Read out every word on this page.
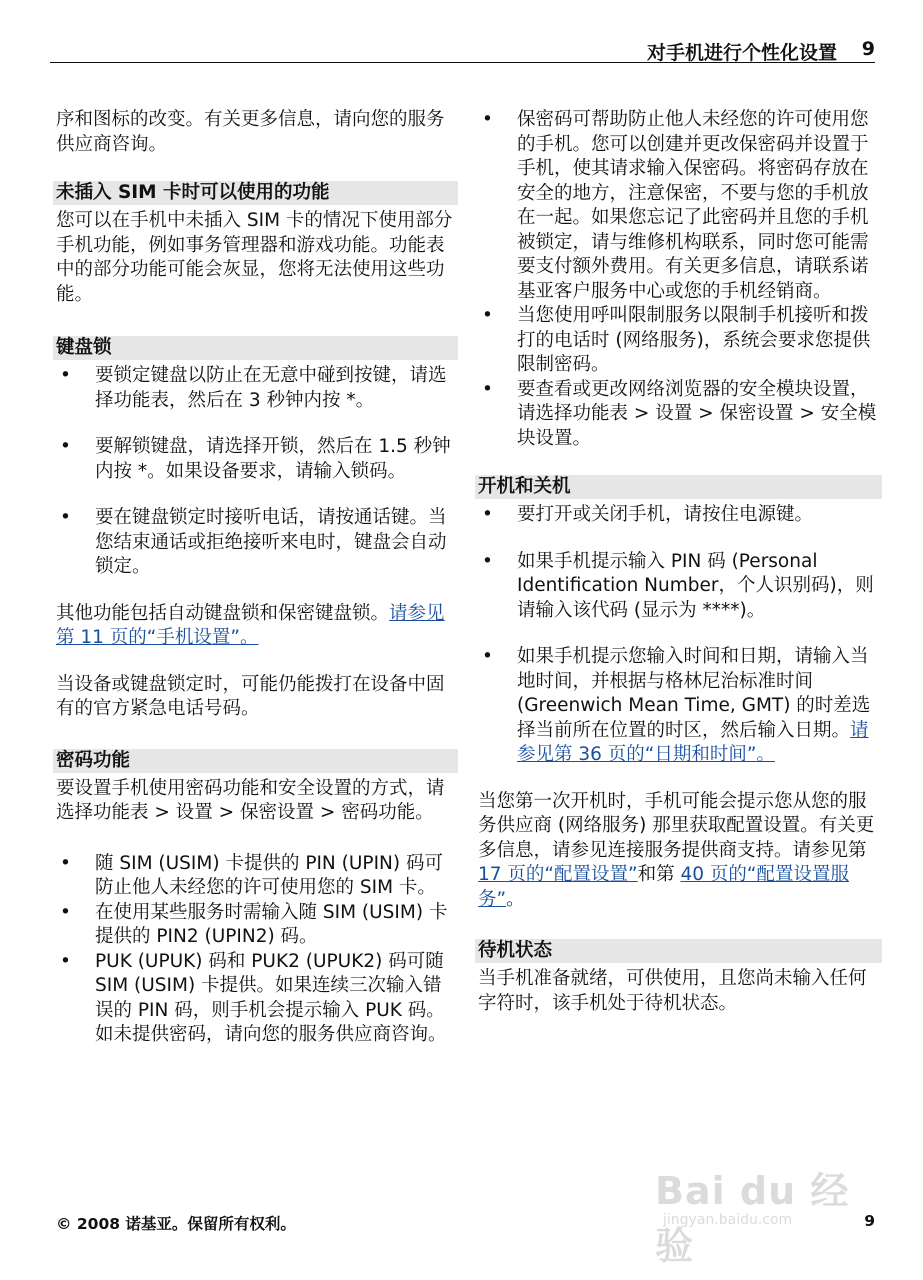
对手机进行个性化设置 9

序和图标的改变。有关更多信息，请向您的服务供应商咨询。

未插入 SIM 卡时可以使用的功能

您可以在手机中未插入 SIM 卡的情况下使用部分手机功能，例如事务管理器和游戏功能。功能表中的部分功能可能会灰显，您将无法使用这些功能。

键盘锁
• 要锁定键盘以防止在无意中碰到按键，请选择功能表，然后在 3 秒钟内按 *。
• 要解锁键盘，请选择开锁，然后在 1.5 秒钟内按 *。如果设备要求，请输入锁码。
• 要在键盘锁定时接听电话，请按通话键。当您结束通话或拒绝接听来电时，键盘会自动锁定。

其他功能包括自动键盘锁和保密键盘锁。请参见第 11 页的“手机设置”。

当设备或键盘锁定时，可能仍能拨打在设备中固有的官方紧急电话号码。

密码功能

要设置手机使用密码功能和安全设置的方式，请选择功能表 > 设置 > 保密设置 > 密码功能。

• 随 SIM (USIM) 卡提供的 PIN (UPIN) 码可防止他人未经您的许可使用您的 SIM 卡。
• 在使用某些服务时需输入随 SIM (USIM) 卡提供的 PIN2 (UPIN2) 码。
• PUK (UPUK) 码和 PUK2 (UPUK2) 码可随 SIM (USIM) 卡提供。如果连续三次输入错误的 PIN 码，则手机会提示输入 PUK 码。如未提供密码，请向您的服务供应商咨询。
• 保密码可帮助防止他人未经您的许可使用您的手机。您可以创建并更改保密码并设置于手机，使其请求输入保密码。将密码存放在安全的地方，注意保密，不要与您的手机放在一起。如果您忘记了此密码并且您的手机被锁定，请与维修机构联系，同时您可能需要支付额外费用。有关更多信息，请联系诺基亚客户服务中心或您的手机经销商。
• 当您使用呼叫限制服务以限制手机接听和拨打的电话时 (网络服务)，系统会要求您提供限制密码。
• 要查看或更改网络浏览器的安全模块设置，请选择功能表 > 设置 > 保密设置 > 安全模块设置。
开机和关机
• 要打开或关闭手机，请按住电源键。
• 如果手机提示输入 PIN 码 (Personal Identification Number，个人识别码)，则请输入该代码 (显示为 ****)。
• 如果手机提示您输入时间和日期，请输入当地时间，并根据与格林尼治标准时间 (Greenwich Mean Time, GMT) 的时差选择当前所在位置的时区，然后输入日期。请参见第 36 页的“日期和时间”。

当您第一次开机时，手机可能会提示您从您的服务供应商 (网络服务) 那里获取配置设置。有关更多信息，请参见连接服务提供商支持。请参见第 17 页的“配置设置”和第 40 页的“配置设置服务”。

待机状态

当手机准备就绪，可供使用，且您尚未输入任何字符时，该手机处于待机状态。

Bai du 经验
jingyan.baidu.com
© 2008 诺基亚。保留所有权利。	9
